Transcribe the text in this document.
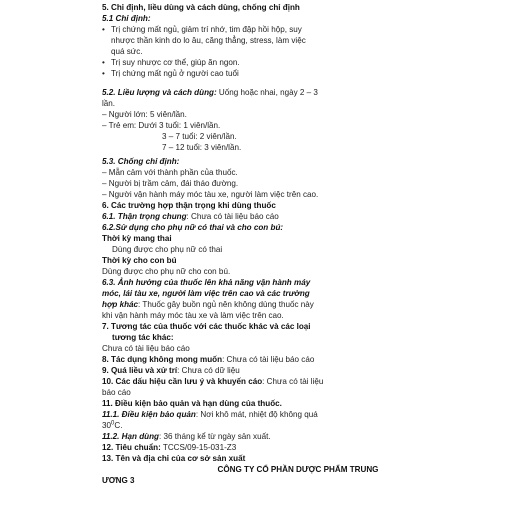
5. Chỉ định, liều dùng và cách dùng, chống chỉ định
5.1 Chỉ định:
• Trị chứng mất ngủ, giảm trí nhớ, tim đập hồi hộp, suy
nhược thần kinh do lo âu, căng thẳng, stress, làm việc
quá sức.
• Trị suy nhược cơ thể, giúp ăn ngon.
• Trị chứng mất ngủ ở người cao tuổi
5.2. Liều lượng và cách dùng: Uống hoặc nhai, ngày 2 – 3
lần.
– Người lớn: 5 viên/lần.
– Trẻ em: Dưới 3 tuổi: 1 viên/lần.
3 – 7 tuổi: 2 viên/lần.
7 – 12 tuổi: 3 viên/lần.
5.3. Chống chỉ định:
– Mẫn cảm với thành phần của thuốc.
– Người bị trầm cảm, đái tháo đường.
– Người vận hành máy móc tàu xe, người làm việc trên cao.
6. Các trường hợp thận trọng khi dùng thuốc
6.1. Thận trọng chung: Chưa có tài liệu báo cáo
6.2.Sử dụng cho phụ nữ có thai và cho con bú:
Thời kỳ mang thai
Dùng được cho phụ nữ có thai
Thời kỳ cho con bú
Dùng được cho phụ nữ cho con bú.
6.3. Ảnh hưởng của thuốc lên khả năng vận hành máy
móc, lái tàu xe, người làm việc trên cao và các trường
hợp khác: Thuốc gây buồn ngủ nên không dùng thuốc này
khi vận hành máy móc tàu xe và làm việc trên cao.
7. Tương tác của thuốc với các thuốc khác và các loại
tương tác khác:
Chưa có tài liệu báo cáo
8. Tác dụng không mong muốn: Chưa có tài liệu báo cáo
9. Quá liều và xử trí: Chưa có dữ liệu
10. Các dấu hiệu cần lưu ý và khuyến cáo: Chưa có tài liệu
báo cáo
11. Điều kiện bảo quản và hạn dùng của thuốc.
11.1. Điều kiện bảo quản: Nơi khô mát, nhiệt độ không quá
$30^0C$.
11.2. Hạn dùng: 36 tháng kể từ ngày sản xuất.
12. Tiêu chuẩn: TCCS/09-15-031-Z3
13. Tên và địa chỉ của cơ sở sản xuất
CÔNG TY CỔ PHẦN DƯỢC PHẨM TRUNG
ƯƠNG 3
